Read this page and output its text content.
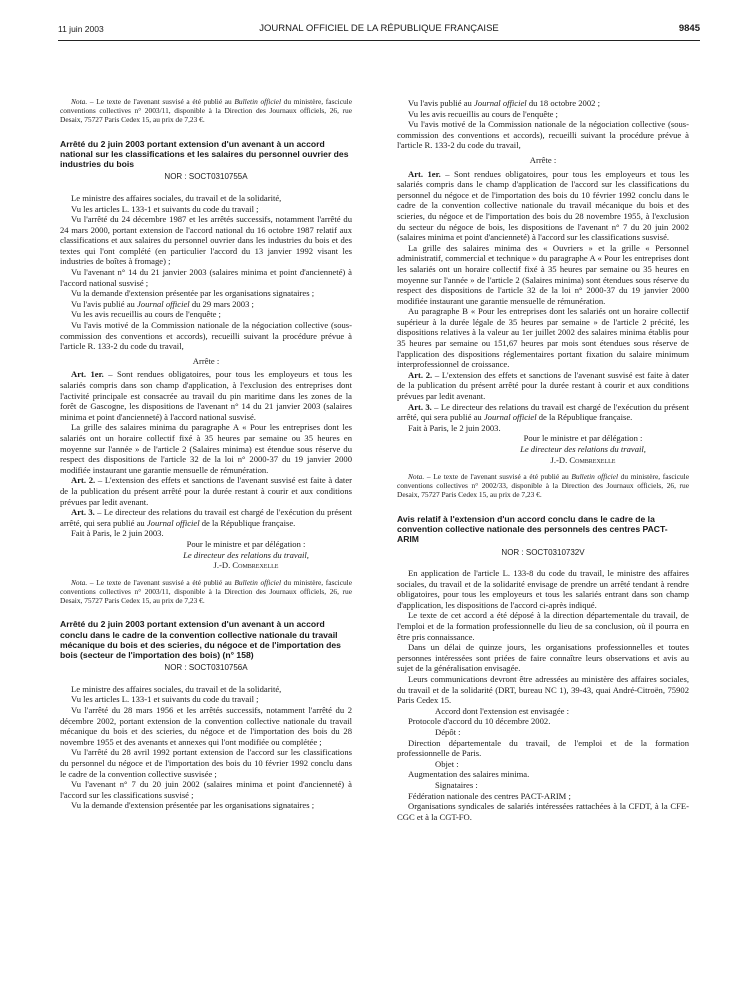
11 juin 2003	JOURNAL OFFICIEL DE LA RÉPUBLIQUE FRANÇAISE	9845

Nota. – Le texte de l'avenant susvisé a été publié au Bulletin officiel du ministère, fascicule conventions collectives n° 2003/11, disponible à la Direction des Journaux officiels, 26, rue Desaix, 75727 Paris Cedex 15, au prix de 7,23 €.

Arrêté du 2 juin 2003 portant extension d'un avenant à un accord national sur les classifications et les salaires du personnel ouvrier des industries du bois
NOR : SOCT0310755A

Le ministre des affaires sociales, du travail et de la solidarité,

Vu les articles L. 133-1 et suivants du code du travail ;

Vu l'arrêté du 24 décembre 1987 et les arrêtés successifs, notamment l'arrêté du 24 mars 2000, portant extension de l'accord national du 16 octobre 1987 relatif aux classifications et aux salaires du personnel ouvrier dans les industries du bois et des textes qui l'ont complété (en particulier l'accord du 13 janvier 1992 visant les industries de boîtes à fromage) ;

Vu l'avenant n° 14 du 21 janvier 2003 (salaires minima et point d'ancienneté) à l'accord national susvisé ;

Vu la demande d'extension présentée par les organisations signataires ;

Vu l'avis publié au Journal officiel du 29 mars 2003 ;

Vu les avis recueillis au cours de l'enquête ;

Vu l'avis motivé de la Commission nationale de la négociation collective (sous-commission des conventions et accords), recueilli suivant la procédure prévue à l'article R. 133-2 du code du travail,

Arrête :

Art. 1er. – Sont rendues obligatoires, pour tous les employeurs et tous les salariés compris dans son champ d'application, à l'exclusion des entreprises dont l'activité principale est consacrée au travail du pin maritime dans les zones de la forêt de Gascogne, les dispositions de l'avenant n° 14 du 21 janvier 2003 (salaires minima et point d'ancienneté) à l'accord national susvisé.

La grille des salaires minima du paragraphe A « Pour les entreprises dont les salariés ont un horaire collectif fixé à 35 heures par semaine ou 35 heures en moyenne sur l'année » de l'article 2 (Salaires minima) est étendue sous réserve du respect des dispositions de l'article 32 de la loi n° 2000-37 du 19 janvier 2000 modifiée instaurant une garantie mensuelle de rémunération.

Art. 2. – L'extension des effets et sanctions de l'avenant susvisé est faite à dater de la publication du présent arrêté pour la durée restant à courir et aux conditions prévues par ledit avenant.

Art. 3. – Le directeur des relations du travail est chargé de l'exécution du présent arrêté, qui sera publié au Journal officiel de la République française.

Fait à Paris, le 2 juin 2003.

Pour le ministre et par délégation :
Le directeur des relations du travail,
J.-D. Combrexelle

Nota. – Le texte de l'avenant susvisé a été publié au Bulletin officiel du ministère, fascicule conventions collectives n° 2003/11, disponible à la Direction des Journaux officiels, 26, rue Desaix, 75727 Paris Cedex 15, au prix de 7,23 €.

Arrêté du 2 juin 2003 portant extension d'un avenant à un accord conclu dans le cadre de la convention collective nationale du travail mécanique du bois et des scieries, du négoce et de l'importation des bois (secteur de l'importation des bois) (n° 158)
NOR : SOCT0310756A

Le ministre des affaires sociales, du travail et de la solidarité,

Vu les articles L. 133-1 et suivants du code du travail ;

Vu l'arrêté du 28 mars 1956 et les arrêtés successifs, notamment l'arrêté du 2 décembre 2002, portant extension de la convention collective nationale du travail mécanique du bois et des scieries, du négoce et de l'importation des bois du 28 novembre 1955 et des avenants et annexes qui l'ont modifiée ou complétée ;

Vu l'arrêté du 28 avril 1992 portant extension de l'accord sur les classifications du personnel du négoce et de l'importation des bois du 10 février 1992 conclu dans le cadre de la convention collective susvisée ;

Vu l'avenant n° 7 du 20 juin 2002 (salaires minima et point d'ancienneté) à l'accord sur les classifications susvisé ;

Vu la demande d'extension présentée par les organisations signataires ;

Vu l'avis publié au Journal officiel du 18 octobre 2002 ;

Vu les avis recueillis au cours de l'enquête ;

Vu l'avis motivé de la Commission nationale de la négociation collective (sous-commission des conventions et accords), recueilli suivant la procédure prévue à l'article R. 133-2 du code du travail,

Arrête :

Art. 1er. – Sont rendues obligatoires, pour tous les employeurs et tous les salariés compris dans le champ d'application de l'accord sur les classifications du personnel du négoce et de l'importation des bois du 10 février 1992 conclu dans le cadre de la convention collective nationale du travail mécanique du bois et des scieries, du négoce et de l'importation des bois du 28 novembre 1955, à l'exclusion du secteur du négoce de bois, les dispositions de l'avenant n° 7 du 20 juin 2002 (salaires minima et point d'ancienneté) à l'accord sur les classifications susvisé.

La grille des salaires minima des « Ouvriers » et la grille « Personnel administratif, commercial et technique » du paragraphe A « Pour les entreprises dont les salariés ont un horaire collectif fixé à 35 heures par semaine ou 35 heures en moyenne sur l'année » de l'article 2 (Salaires minima) sont étendues sous réserve du respect des dispositions de l'article 32 de la loi n° 2000-37 du 19 janvier 2000 modifiée instaurant une garantie mensuelle de rémunération.

Au paragraphe B « Pour les entreprises dont les salariés ont un horaire collectif supérieur à la durée légale de 35 heures par semaine » de l'article 2 précité, les dispositions relatives à la valeur au 1er juillet 2002 des salaires minima établis pour 35 heures par semaine ou 151,67 heures par mois sont étendues sous réserve de l'application des dispositions réglementaires portant fixation du salaire minimum interprofessionnel de croissance.

Art. 2. – L'extension des effets et sanctions de l'avenant susvisé est faite à dater de la publication du présent arrêté pour la durée restant à courir et aux conditions prévues par ledit avenant.

Art. 3. – Le directeur des relations du travail est chargé de l'exécution du présent arrêté, qui sera publié au Journal officiel de la République française.

Fait à Paris, le 2 juin 2003.

Pour le ministre et par délégation :
Le directeur des relations du travail,
J.-D. Combrexelle

Nota. – Le texte de l'avenant susvisé a été publié au Bulletin officiel du ministère, fascicule conventions collectives n° 2002/33, disponible à la Direction des Journaux officiels, 26, rue Desaix, 75727 Paris Cedex 15, au prix de 7,23 €.

Avis relatif à l'extension d'un accord conclu dans le cadre de la convention collective nationale des personnels des centres PACT-ARIM
NOR : SOCT0310732V

En application de l'article L. 133-8 du code du travail, le ministre des affaires sociales, du travail et de la solidarité envisage de prendre un arrêté tendant à rendre obligatoires, pour tous les employeurs et tous les salariés entrant dans son champ d'application, les dispositions de l'accord ci-après indiqué.

Le texte de cet accord a été déposé à la direction départementale du travail, de l'emploi et de la formation professionnelle du lieu de sa conclusion, où il pourra en être pris connaissance.

Dans un délai de quinze jours, les organisations professionnelles et toutes personnes intéressées sont priées de faire connaître leurs observations et avis au sujet de la généralisation envisagée.

Leurs communications devront être adressées au ministère des affaires sociales, du travail et de la solidarité (DRT, bureau NC 1), 39-43, quai André-Citroën, 75902 Paris Cedex 15.

Accord dont l'extension est envisagée :

Protocole d'accord du 10 décembre 2002.

Dépôt :

Direction départementale du travail, de l'emploi et de la formation professionnelle de Paris.

Objet :

Augmentation des salaires minima.

Signataires :

Fédération nationale des centres PACT-ARIM ;

Organisations syndicales de salariés intéressées rattachées à la CFDT, à la CFE-CGC et à la CGT-FO.
